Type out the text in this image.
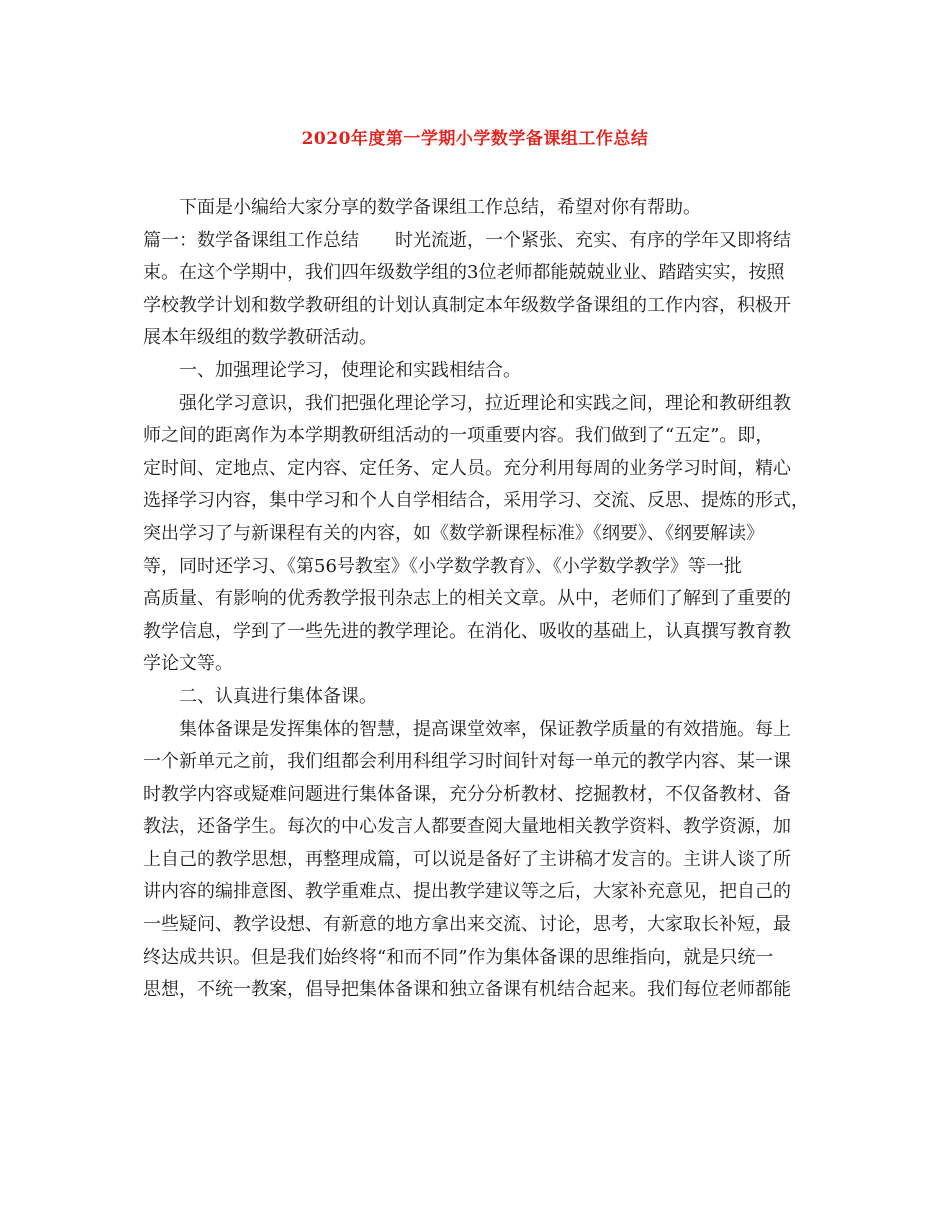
2020年度第一学期小学数学备课组工作总结
下面是小编给大家分享的数学备课组工作总结，希望对你有帮助。
篇一：数学备课组工作总结　　时光流逝，一个紧张、充实、有序的学年又即将结
束。在这个学期中，我们四年级数学组的3位老师都能兢兢业业、踏踏实实，按照
学校教学计划和数学教研组的计划认真制定本年级数学备课组的工作内容，积极开
展本年级组的数学教研活动。
一、加强理论学习，使理论和实践相结合。
强化学习意识，我们把强化理论学习，拉近理论和实践之间，理论和教研组教
师之间的距离作为本学期教研组活动的一项重要内容。我们做到了“五定”。即，
定时间、定地点、定内容、定任务、定人员。充分利用每周的业务学习时间，精心
选择学习内容，集中学习和个人自学相结合，采用学习、交流、反思、提炼的形式，
突出学习了与新课程有关的内容，如《数学新课程标准》《纲要》、《纲要解读》
等，同时还学习、《第56号教室》《小学数学教育》、《小学数学教学》等一批
高质量、有影响的优秀教学报刊杂志上的相关文章。从中，老师们了解到了重要的
教学信息，学到了一些先进的教学理论。在消化、吸收的基础上，认真撰写教育教
学论文等。
二、认真进行集体备课。
集体备课是发挥集体的智慧，提高课堂效率，保证教学质量的有效措施。每上
一个新单元之前，我们组都会利用科组学习时间针对每一单元的教学内容、某一课
时教学内容或疑难问题进行集体备课，充分分析教材、挖掘教材，不仅备教材、备
教法，还备学生。每次的中心发言人都要查阅大量地相关教学资料、教学资源，加
上自己的教学思想，再整理成篇，可以说是备好了主讲稿才发言的。主讲人谈了所
讲内容的编排意图、教学重难点、提出教学建议等之后，大家补充意见，把自己的
一些疑问、教学设想、有新意的地方拿出来交流、讨论，思考，大家取长补短，最
终达成共识。但是我们始终将“和而不同”作为集体备课的思维指向，就是只统一
思想，不统一教案，倡导把集体备课和独立备课有机结合起来。我们每位老师都能
